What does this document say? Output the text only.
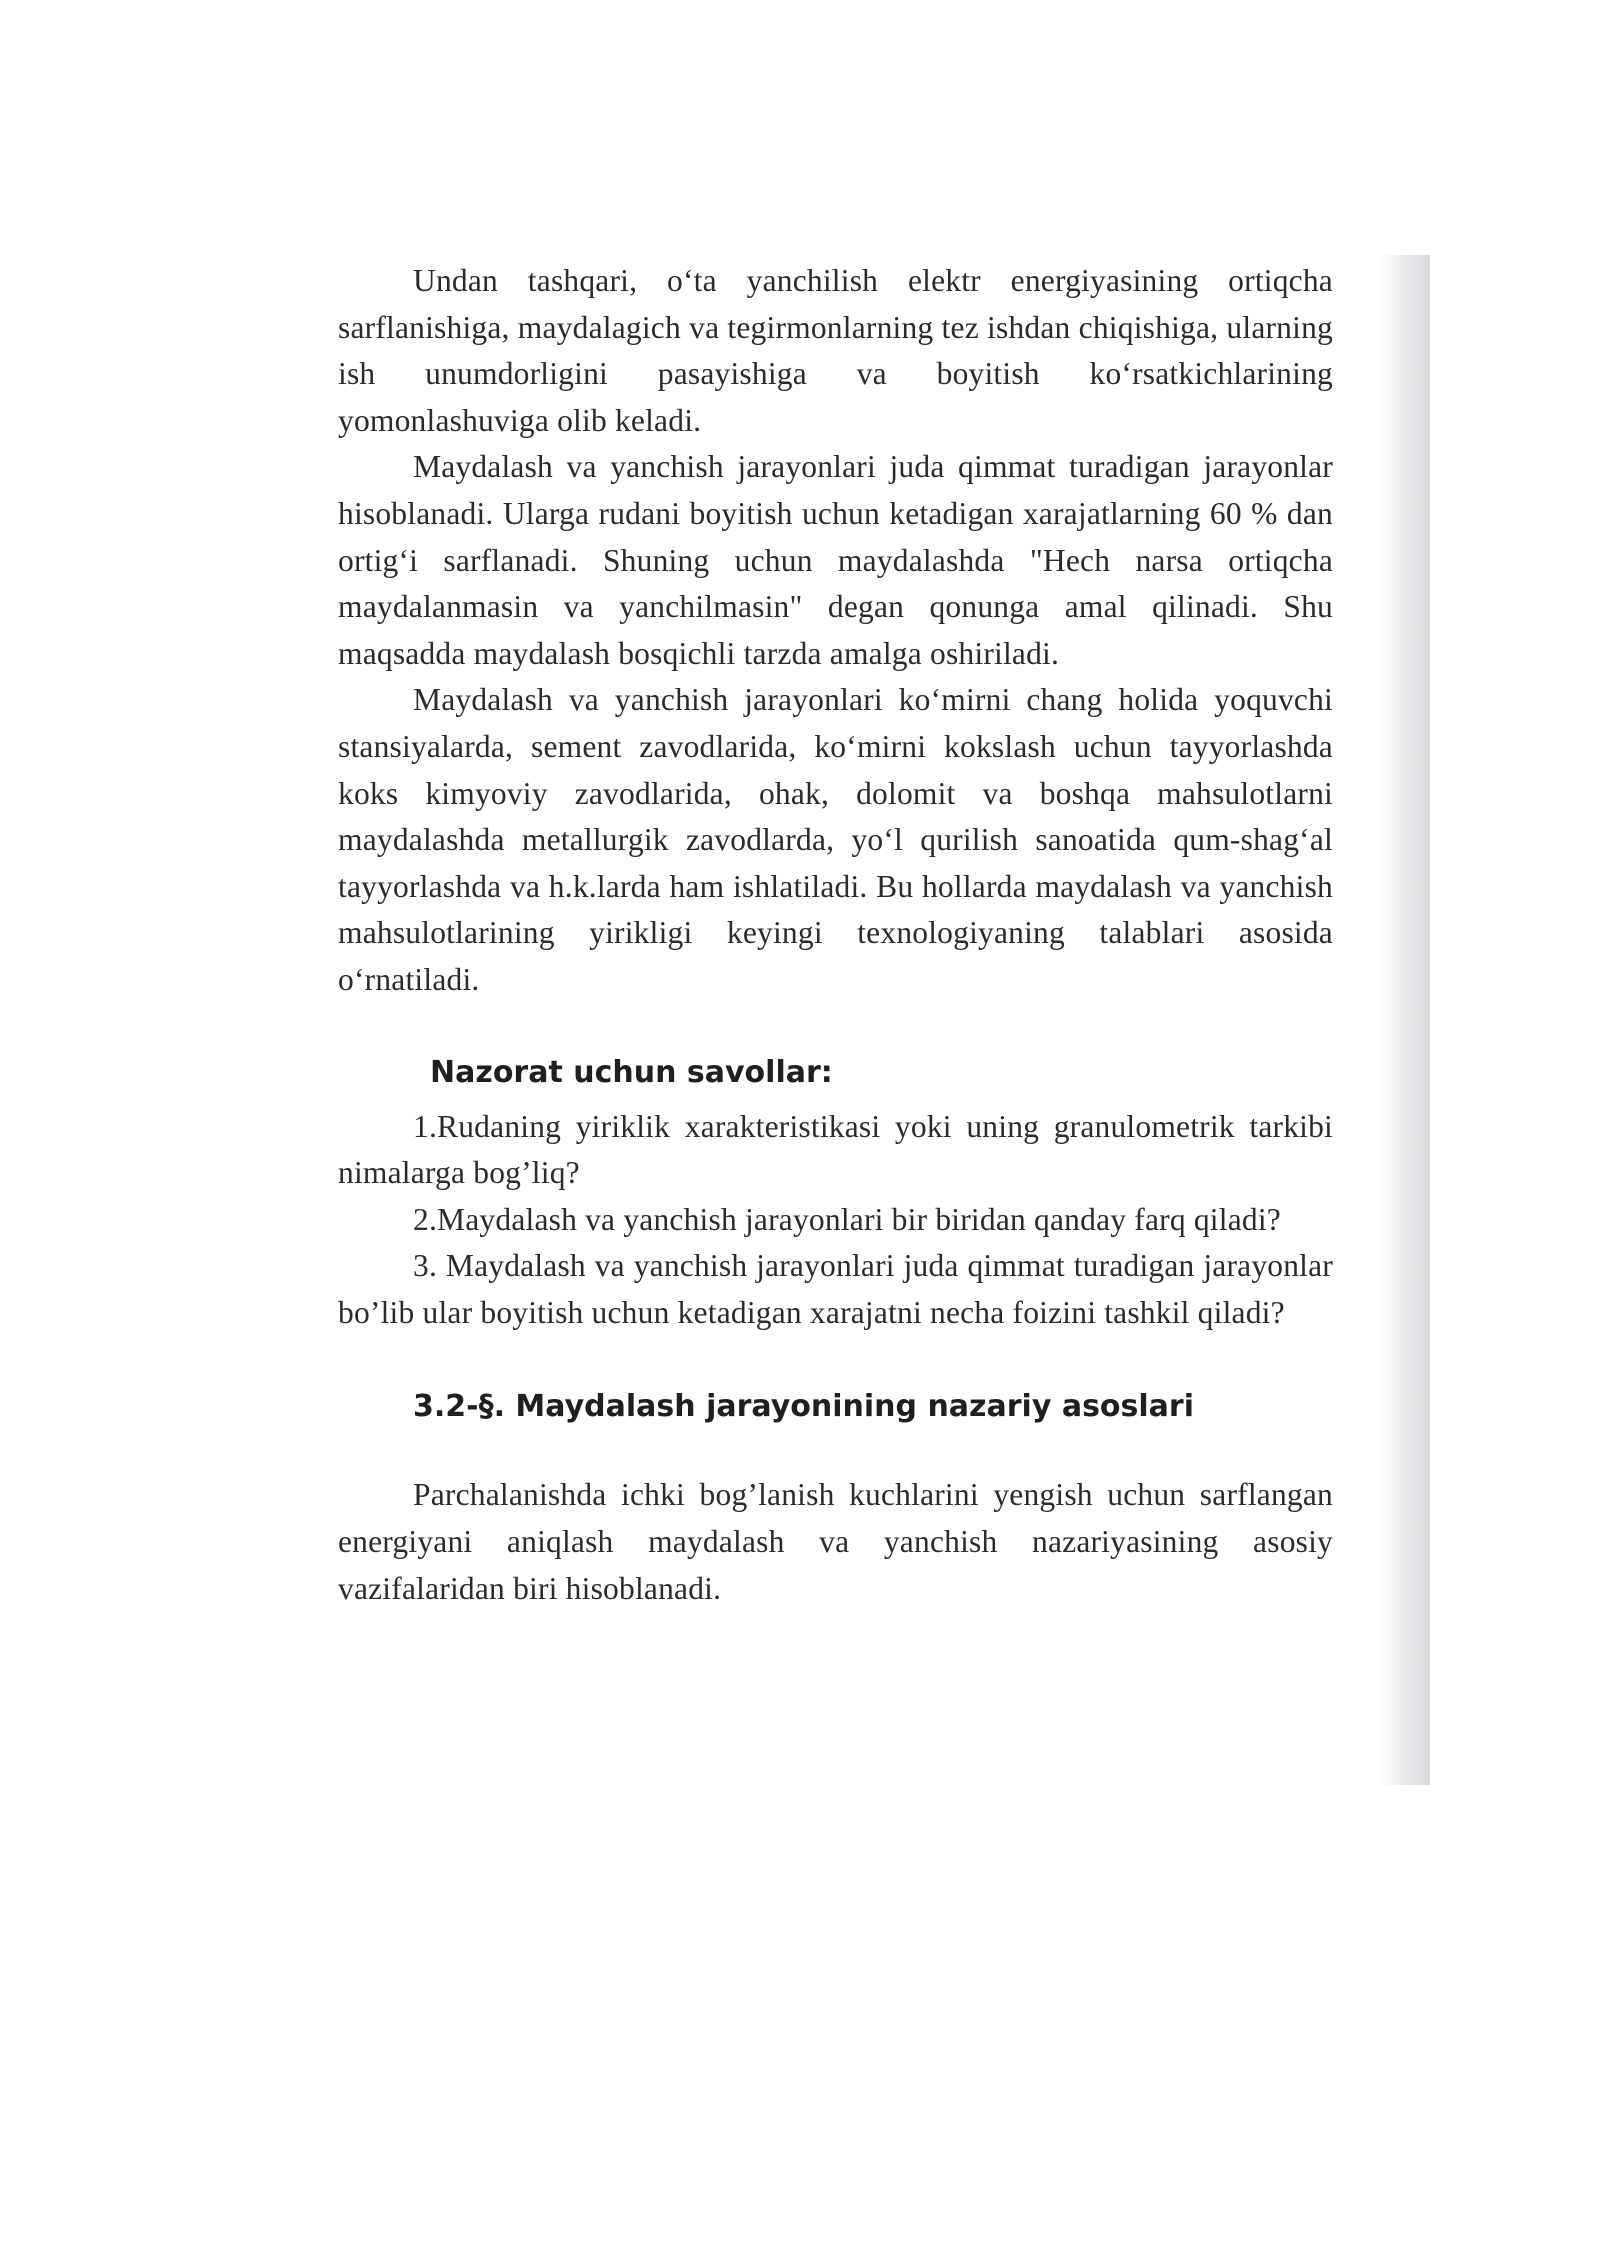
Undan tashqari, o‘ta yanchilish elektr energiyasining ortiqcha sarflanishiga, maydalagich va tegirmonlarning tez ishdan chiqishiga, ularning ish unumdorligini pasayishiga va boyitish ko‘rsatkichlarining yomonlashuviga olib keladi.

Maydalash va yanchish jarayonlari juda qimmat turadigan jarayonlar hisoblanadi. Ularga rudani boyitish uchun ketadigan xarajatlarning 60 % dan ortig‘i sarflanadi. Shuning uchun maydalashda "Hech narsa ortiqcha maydalanmasin va yanchilmasin" degan qonunga amal qilinadi. Shu maqsadda maydalash bosqichli tarzda amalga oshiriladi.

Maydalash va yanchish jarayonlari ko‘mirni chang holida yoquvchi stansiyalarda, sement zavodlarida, ko‘mirni kokslash uchun tayyorlashda koks kimyoviy zavodlarida, ohak, dolomit va boshqa mahsulotlarni maydalashda metallurgik zavodlarda, yo‘l qurilish sanoatida qum-shag‘al tayyorlashda va h.k.larda ham ishlatiladi. Bu hollarda maydalash va yanchish mahsulotlarining yirikligi keyingi texnologiyaning talablari asosida o‘rnatiladi.

Nazorat uchun savollar:
1.Rudaning yiriklik xarakteristikasi yoki uning granulometrik tarkibi nimalarga bog’liq?
2.Maydalash va yanchish jarayonlari bir biridan qanday farq qiladi?
3. Maydalash va yanchish jarayonlari juda qimmat turadigan jarayonlar bo’lib ular boyitish uchun ketadigan xarajatni necha foizini tashkil qiladi?
3.2-§. Maydalash jarayonining nazariy asoslari

Parchalanishda ichki bog’lanish kuchlarini yengish uchun sarflangan energiyani aniqlash maydalash va yanchish nazariyasining asosiy vazifalaridan biri hisoblanadi.
